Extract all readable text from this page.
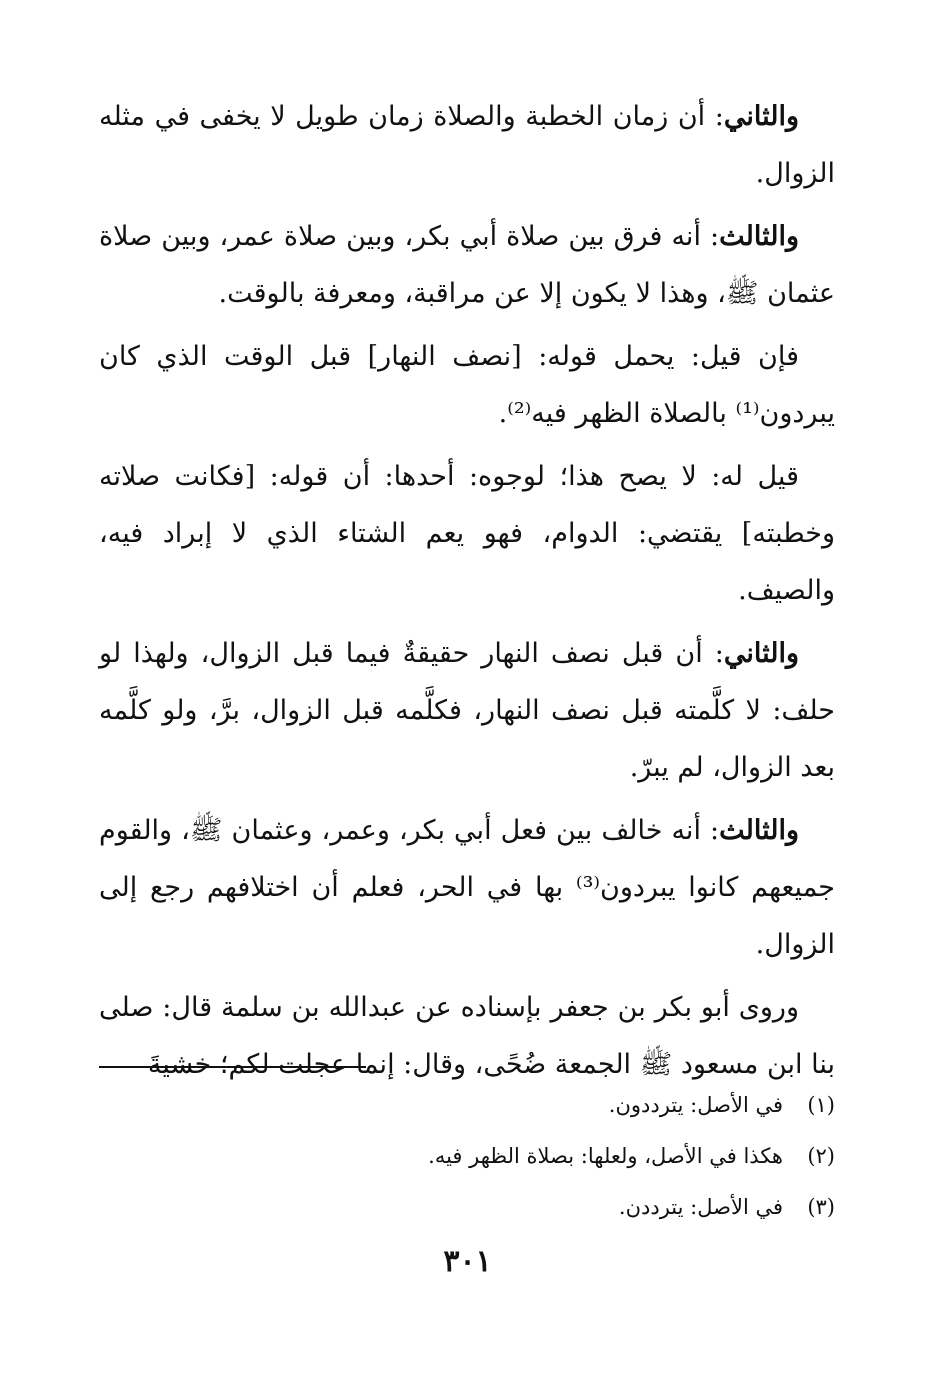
والثاني: أن زمان الخطبة والصلاة زمان طويل لا يخفى في مثله الزوال.

والثالث: أنه فرق بين صلاة أبي بكر، وبين صلاة عمر، وبين صلاة عثمان ﷺ، وهذا لا يكون إلا عن مراقبة، ومعرفة بالوقت.

فإن قيل: يحمل قوله: [نصف النهار] قبل الوقت الذي كان يبردون⁽¹⁾ بالصلاة الظهر فيه⁽²⁾.

قيل له: لا يصح هذا؛ لوجوه: أحدها: أن قوله: [فكانت صلاته وخطبته] يقتضي: الدوام، فهو يعم الشتاء الذي لا إبراد فيه، والصيف.

والثاني: أن قبل نصف النهار حقيقةٌ فيما قبل الزوال، ولهذا لو حلف: لا كلَّمته قبل نصف النهار، فكلَّمه قبل الزوال، برَّ، ولو كلَّمه بعد الزوال، لم يبرّ.

والثالث: أنه خالف بين فعل أبي بكر، وعمر، وعثمان ﷺ، والقوم جميعهم كانوا يبردون⁽³⁾ بها في الحر، فعلم أن اختلافهم رجع إلى الزوال.

وروى أبو بكر بن جعفر بإسناده عن عبدالله بن سلمة قال: صلى بنا ابن مسعود ﷺ الجمعة ضُحًى، وقال: إنما عجلت لكم؛ خشيةَ

(١)
في الأصل: يترددون.
(٢)
هكذا في الأصل، ولعلها: بصلاة الظهر فيه.
(٣)
في الأصل: يترددن.
٣٠١
